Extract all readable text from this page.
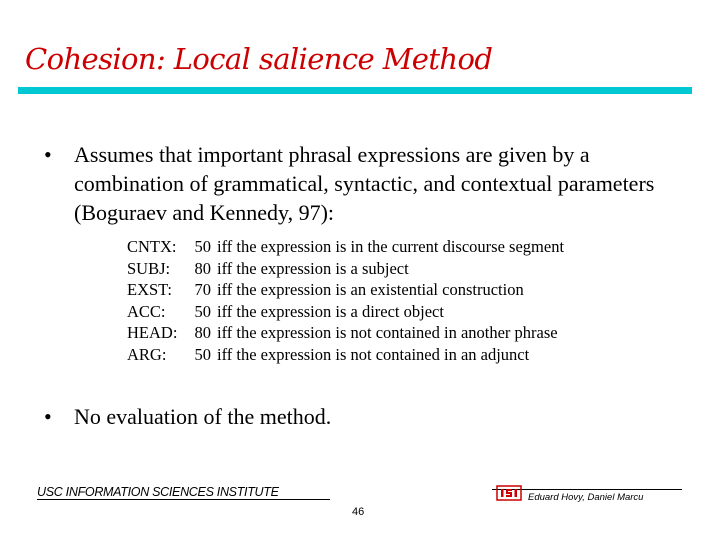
Cohesion: Local salience Method
• Assumes that important phrasal expressions are given by a combination of grammatical, syntactic, and contextual parameters (Boguraev and Kennedy, 97):
CNTX:	50 iff the expression is in the current discourse segment
SUBJ:	80 iff the expression is a subject
EXST:	70 iff the expression is an existential construction
ACC:	50 iff the expression is a direct object
HEAD:	80 iff the expression is not contained in another phrase
ARG:	50 iff the expression is not contained in an adjunct
• No evaluation of the method.
USC INFORMATION SCIENCES INSTITUTE	Eduard Hovy, Daniel Marcu
46
